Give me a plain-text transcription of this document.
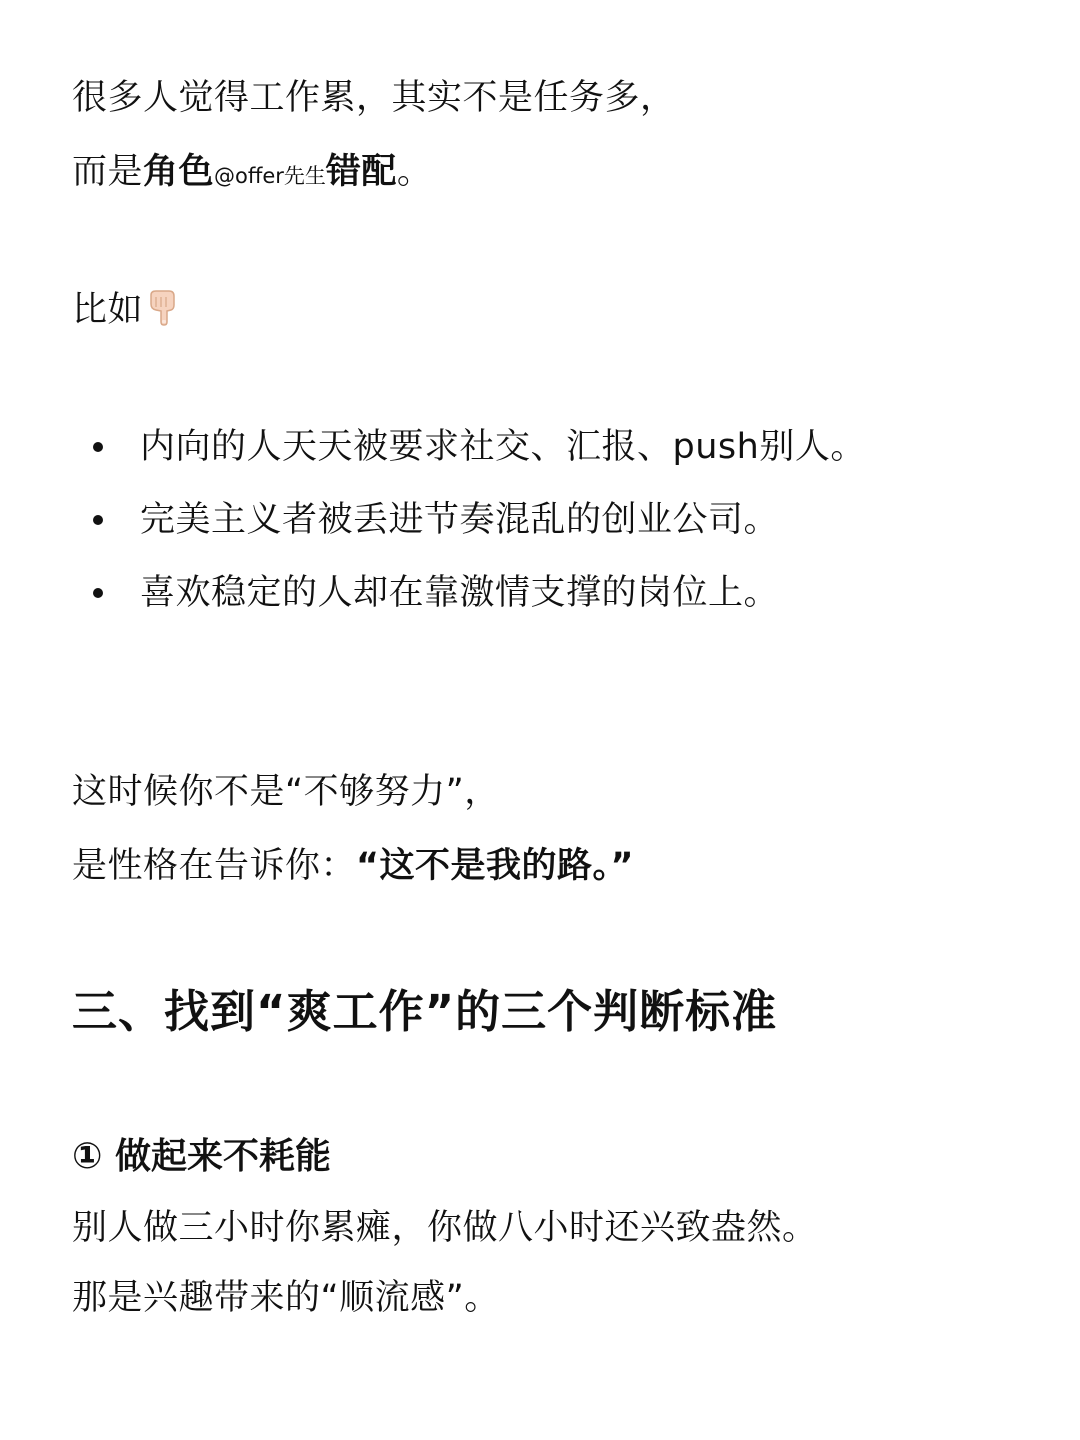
很多人觉得工作累，其实不是任务多，
而是角色@offer先生错配。
比如
内向的人天天被要求社交、汇报、push别人。
完美主义者被丢进节奏混乱的创业公司。
喜欢稳定的人却在靠激情支撑的岗位上。
这时候你不是“不够努力”，
是性格在告诉你：“这不是我的路。”
三、找到“爽工作”的三个判断标准
① 做起来不耗能
别人做三小时你累瘫，你做八小时还兴致盎然。
那是兴趣带来的“顺流感”。
